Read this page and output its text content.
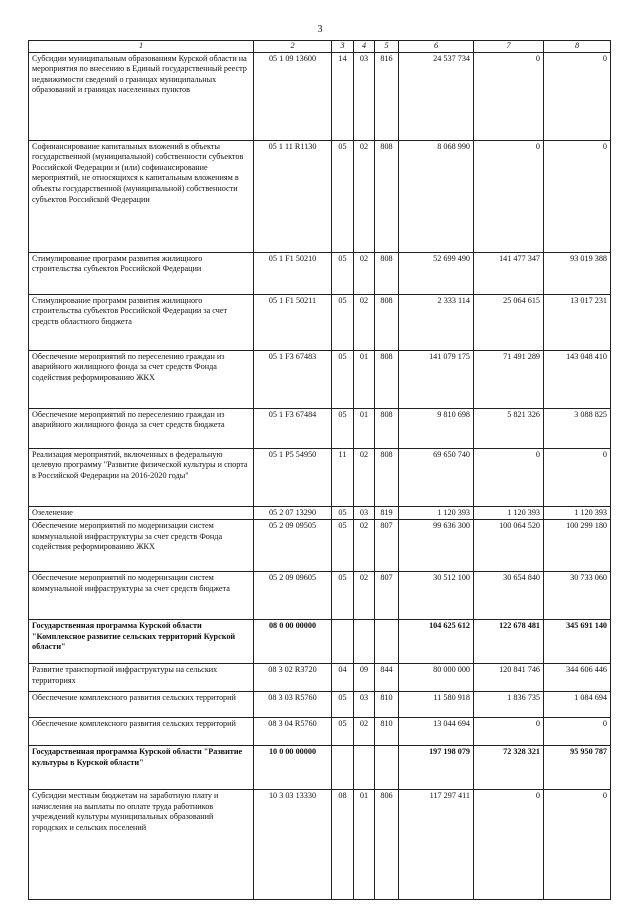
3
1	2	3	4	5	6	7	8
Субсидии муниципальным образованиям Курской области на мероприятия по внесению в Единый государственный реестр недвижимости сведений о границах муниципальных образований и границах населенных пунктов	05 1 09 13600	14	03	816	24 537 734	0	0
Софинансирование капитальных вложений в объекты государственной (муниципальной) собственности субъектов Российской Федерации и (или) софинансирование мероприятий, не относящихся к капитальным вложениям в объекты государственной (муниципальной) собственности субъектов Российской Федерации	05 1 11 R1130	05	02	808	8 068 990	0	0
Стимулирование программ развития жилищного строительства субъектов Российской Федерации	05 1 F1 50210	05	02	808	52 699 490	141 477 347	93 019 388
Стимулирование программ развития жилищного строительства субъектов Российской Федерации за счет средств областного бюджета	05 1 F1 50211	05	02	808	2 333 114	25 064 615	13 017 231
Обеспечение мероприятий по переселению граждан из аварийного жилищного фонда за счет средств Фонда содействия реформированию ЖКХ	05 1 F3 67483	05	01	808	141 079 175	71 491 289	143 048 410
Обеспечение мероприятий по переселению граждан из аварийного жилищного фонда за счет средств бюджета	05 1 F3 67484	05	01	808	9 810 698	5 821 326	3 088 825
Реализация мероприятий, включенных в федеральную целевую программу "Развитие физической культуры и спорта в Российской Федерации на 2016-2020 годы"	05 1 P5 54950	11	02	808	69 650 740	0	0
Озеленение	05 2 07 13290	05	03	819	1 120 393	1 120 393	1 120 393
Обеспечение мероприятий по модернизации систем коммунальной инфраструктуры за счет средств Фонда содействия реформированию ЖКХ	05 2 09 09505	05	02	807	99 636 300	100 064 520	100 299 180
Обеспечение мероприятий по модернизации систем коммунальной инфраструктуры за счет средств бюджета	05 2 09 09605	05	02	807	30 512 100	30 654 840	30 733 060
Государственная программа Курской области "Комплексное развитие сельских территорий Курской области"	08 0 00 00000				104 625 612	122 678 481	345 691 140
Развитие транспортной инфраструктуры на сельских территориях	08 3 02 R3720	04	09	844	80 000 000	120 841 746	344 606 446
Обеспечение комплексного развития сельских территорий	08 3 03 R5760	05	03	810	11 580 918	1 836 735	1 084 694
Обеспечение комплексного развития сельских территорий	08 3 04 R5760	05	02	810	13 044 694	0	0
Государственная программа Курской области "Развитие культуры в Курской области"	10 0 00 00000				197 198 079	72 328 321	95 950 787
Субсидии местным бюджетам на заработную плату и начисления на выплаты по оплате труда работников учреждений культуры муниципальных образований городских и сельских поселений	10 3 03 13330	08	01	806	117 297 411	0	0
